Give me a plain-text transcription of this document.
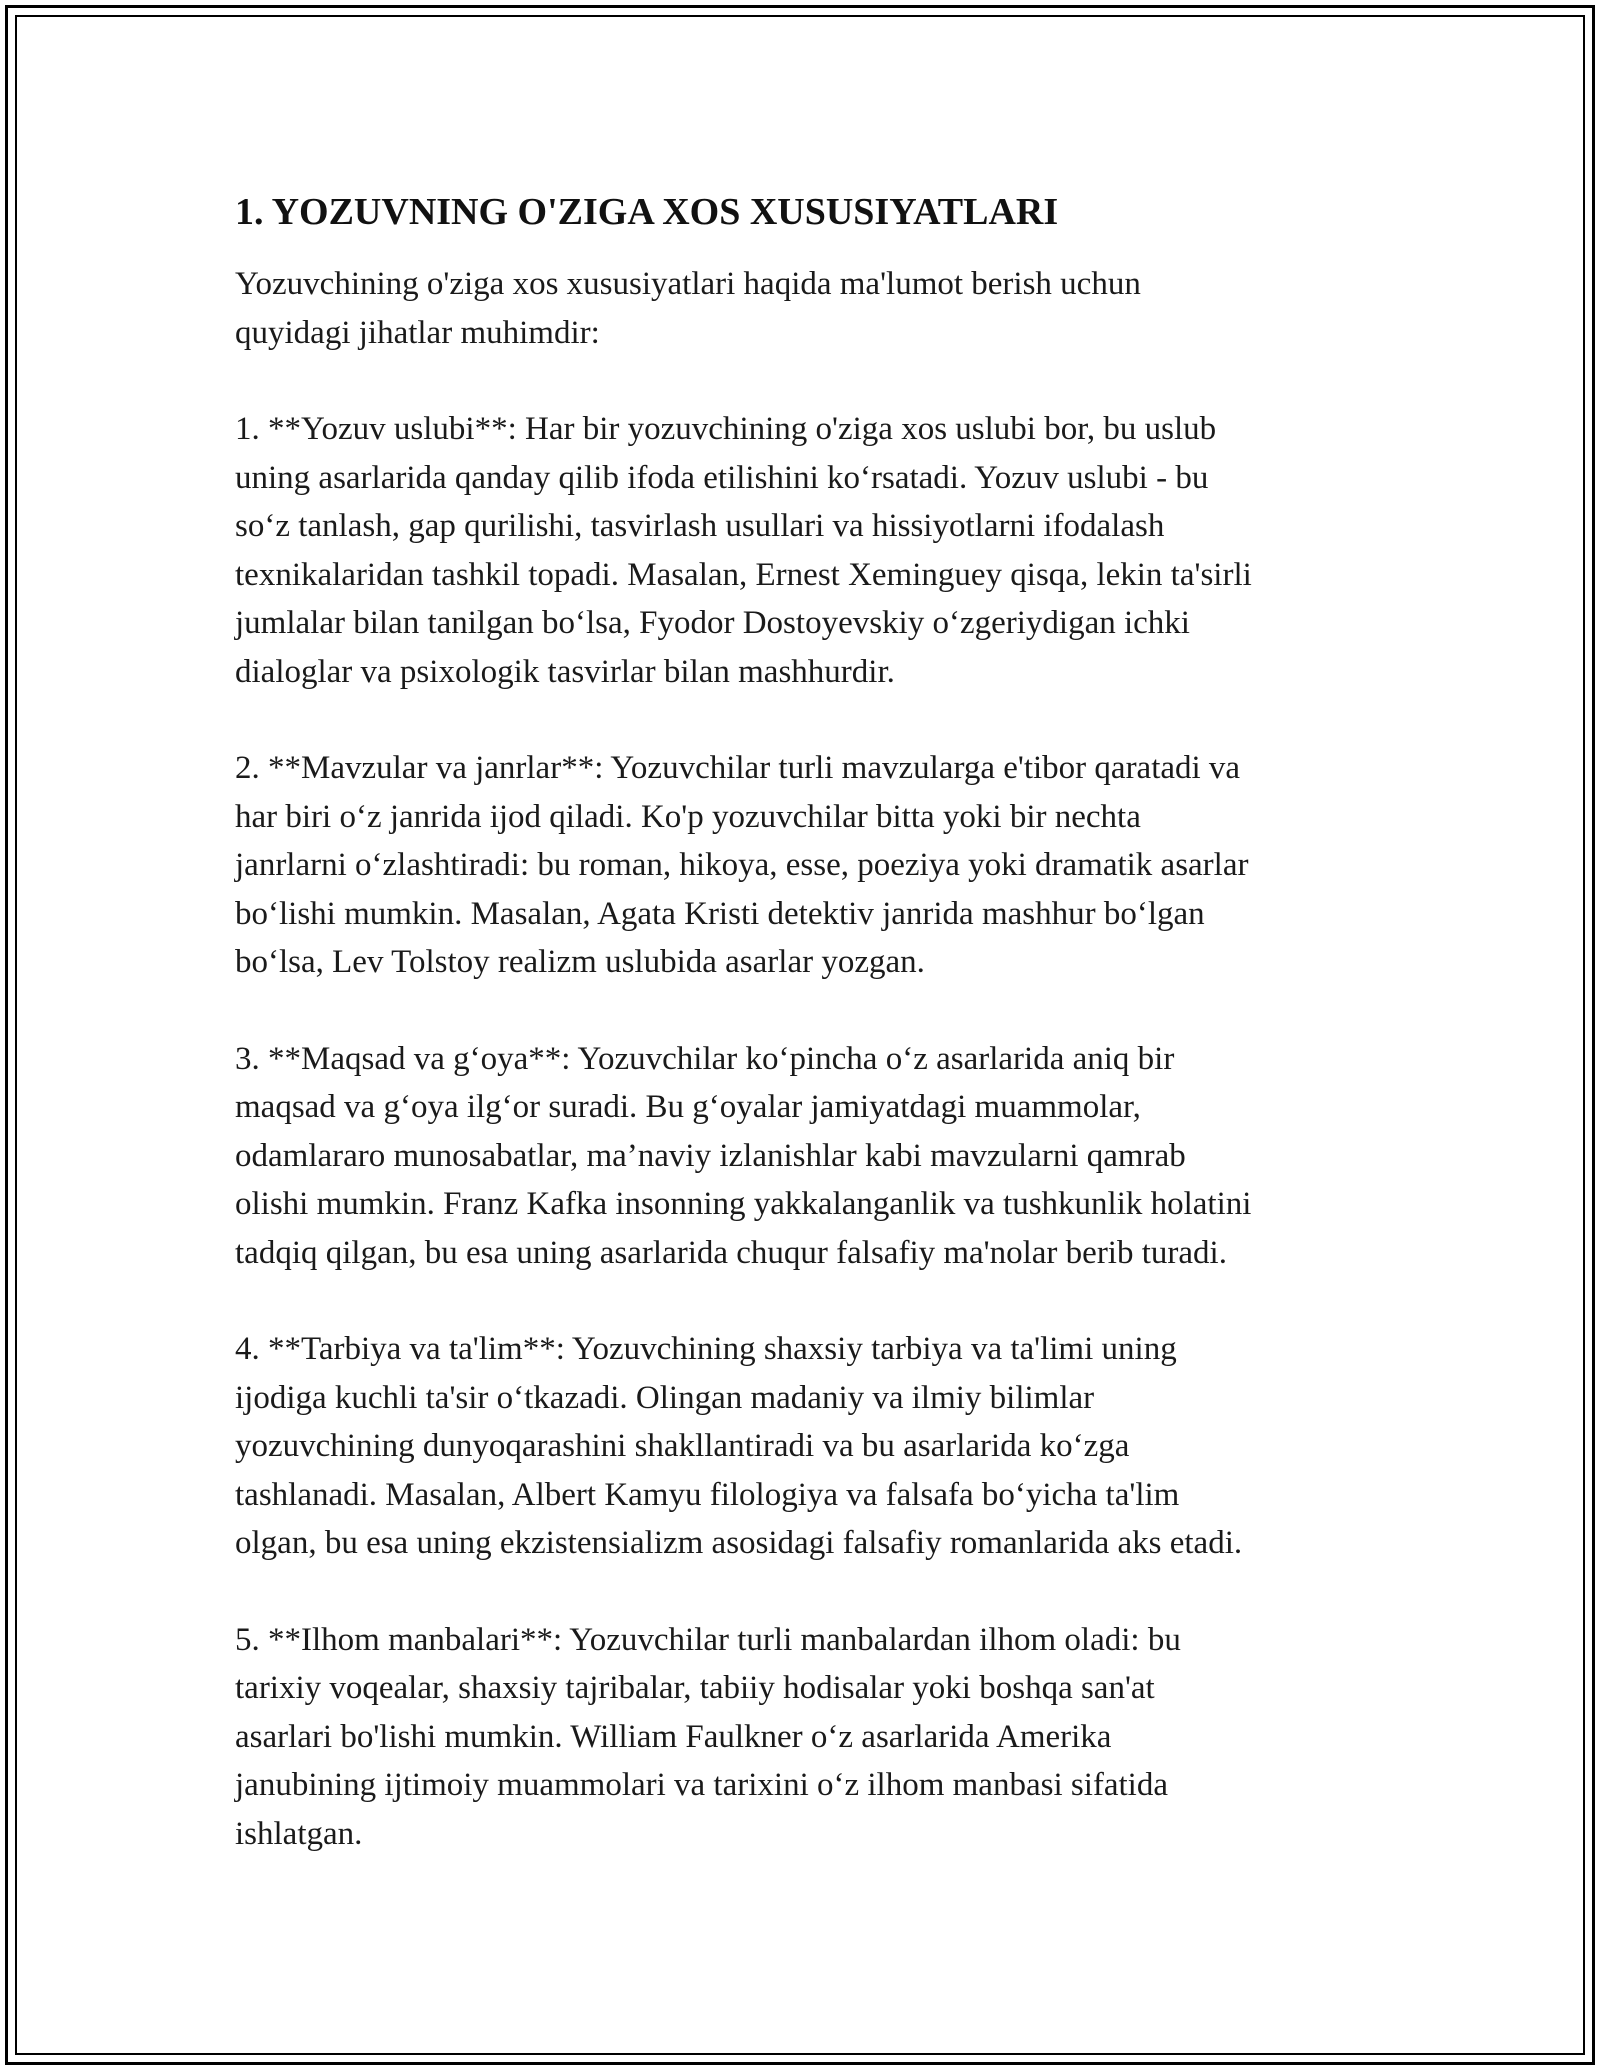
1. YOZUVNING O'ZIGA XOS XUSUSIYATLARI

Yozuvchining o'ziga xos xususiyatlari haqida ma'lumot berish uchun
quyidagi jihatlar muhimdir:

1. **Yozuv uslubi**: Har bir yozuvchining o'ziga xos uslubi bor, bu uslub
uning asarlarida qanday qilib ifoda etilishini ko‘rsatadi. Yozuv uslubi - bu
so‘z tanlash, gap qurilishi, tasvirlash usullari va hissiyotlarni ifodalash
texnikalaridan tashkil topadi. Masalan, Ernest Xeminguey qisqa, lekin ta'sirli
jumlalar bilan tanilgan bo‘lsa, Fyodor Dostoyevskiy o‘zgeriydigan ichki
dialoglar va psixologik tasvirlar bilan mashhurdir.

2. **Mavzular va janrlar**: Yozuvchilar turli mavzularga e'tibor qaratadi va
har biri o‘z janrida ijod qiladi. Ko'p yozuvchilar bitta yoki bir nechta
janrlarni o‘zlashtiradi: bu roman, hikoya, esse, poeziya yoki dramatik asarlar
bo‘lishi mumkin. Masalan, Agata Kristi detektiv janrida mashhur bo‘lgan
bo‘lsa, Lev Tolstoy realizm uslubida asarlar yozgan.

3. **Maqsad va g‘oya**: Yozuvchilar ko‘pincha o‘z asarlarida aniq bir
maqsad va g‘oya ilg‘or suradi. Bu g‘oyalar jamiyatdagi muammolar,
odamlararo munosabatlar, ma’naviy izlanishlar kabi mavzularni qamrab
olishi mumkin. Franz Kafka insonning yakkalanganlik va tushkunlik holatini
tadqiq qilgan, bu esa uning asarlarida chuqur falsafiy ma'nolar berib turadi.

4. **Tarbiya va ta'lim**: Yozuvchining shaxsiy tarbiya va ta'limi uning
ijodiga kuchli ta'sir o‘tkazadi. Olingan madaniy va ilmiy bilimlar
yozuvchining dunyoqarashini shakllantiradi va bu asarlarida ko‘zga
tashlanadi. Masalan, Albert Kamyu filologiya va falsafa bo‘yicha ta'lim
olgan, bu esa uning ekzistensializm asosidagi falsafiy romanlarida aks etadi.

5. **Ilhom manbalari**: Yozuvchilar turli manbalardan ilhom oladi: bu
tarixiy voqealar, shaxsiy tajribalar, tabiiy hodisalar yoki boshqa san'at
asarlari bo'lishi mumkin. William Faulkner o‘z asarlarida Amerika
janubining ijtimoiy muammolari va tarixini o‘z ilhom manbasi sifatida
ishlatgan.
